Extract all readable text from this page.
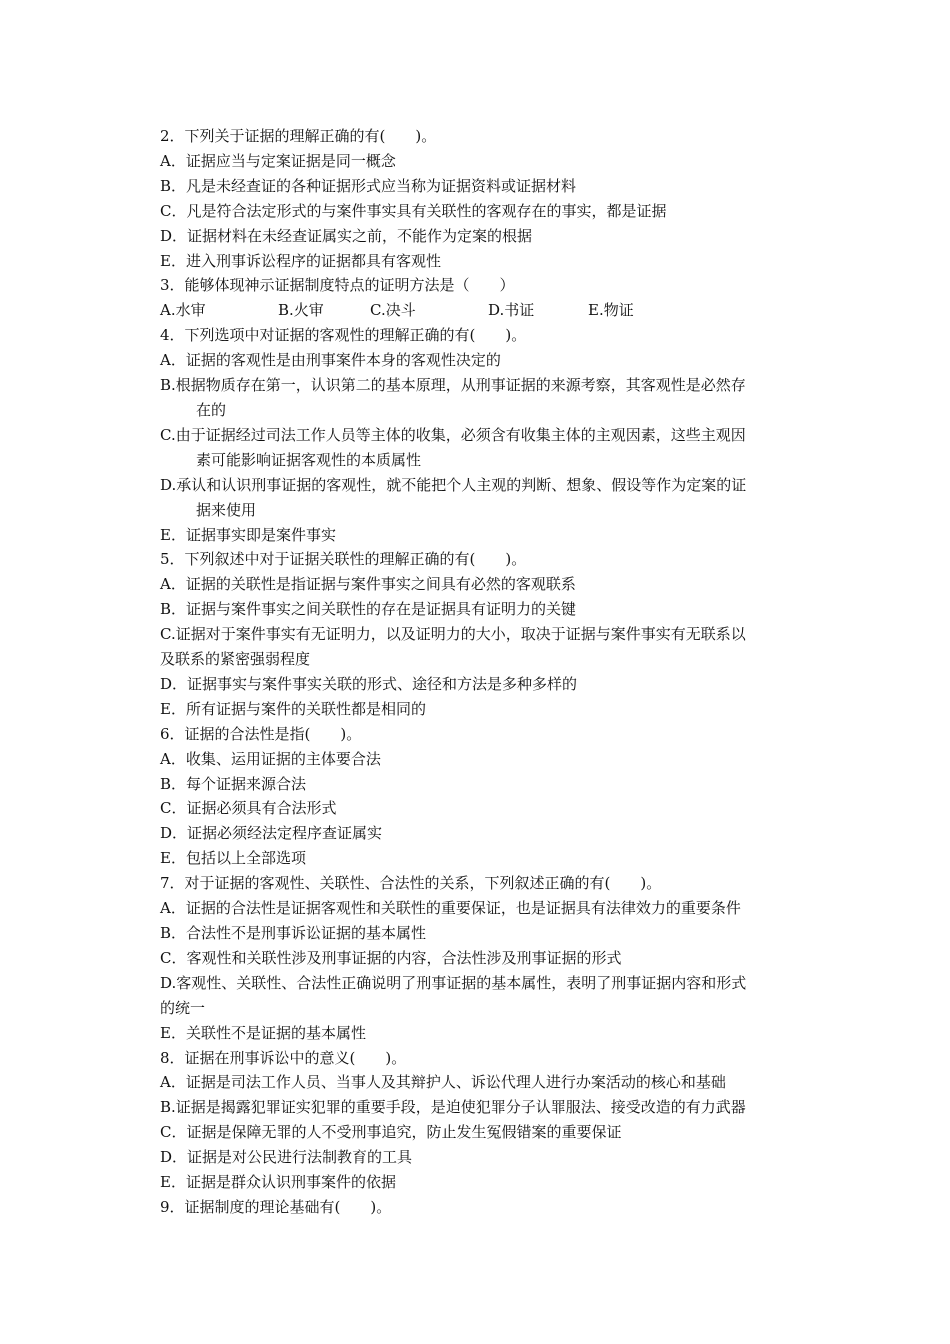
2．下列关于证据的理解正确的有(　　)。
A．证据应当与定案证据是同一概念
B．凡是未经查证的各种证据形式应当称为证据资料或证据材料
C．凡是符合法定形式的与案件事实具有关联性的客观存在的事实，都是证据
D．证据材料在未经查证属实之前，不能作为定案的根据
E．进入刑事诉讼程序的证据都具有客观性
3．能够体现神示证据制度特点的证明方法是（　　）
A.水审	B.火审	C.决斗	D.书证	E.物证
4．下列选项中对证据的客观性的理解正确的有(　　)。
A．证据的客观性是由刑事案件本身的客观性决定的
B.根据物质存在第一，认识第二的基本原理，从刑事证据的来源考察，其客观性是必然存
在的
C.由于证据经过司法工作人员等主体的收集，必须含有收集主体的主观因素，这些主观因
素可能影响证据客观性的本质属性
D.承认和认识刑事证据的客观性，就不能把个人主观的判断、想象、假设等作为定案的证
据来使用
E．证据事实即是案件事实
5．下列叙述中对于证据关联性的理解正确的有(　　)。
A．证据的关联性是指证据与案件事实之间具有必然的客观联系
B．证据与案件事实之间关联性的存在是证据具有证明力的关键
C.证据对于案件事实有无证明力，以及证明力的大小，取决于证据与案件事实有无联系以
及联系的紧密强弱程度
D．证据事实与案件事实关联的形式、途径和方法是多种多样的
E．所有证据与案件的关联性都是相同的
6．证据的合法性是指(　　)。
A．收集、运用证据的主体要合法
B．每个证据来源合法
C．证据必须具有合法形式
D．证据必须经法定程序查证属实
E．包括以上全部选项
7．对于证据的客观性、关联性、合法性的关系，下列叙述正确的有(　　)。
A．证据的合法性是证据客观性和关联性的重要保证，也是证据具有法律效力的重要条件
B．合法性不是刑事诉讼证据的基本属性
C．客观性和关联性涉及刑事证据的内容，合法性涉及刑事证据的形式
D.客观性、关联性、合法性正确说明了刑事证据的基本属性，表明了刑事证据内容和形式
的统一
E．关联性不是证据的基本属性
8．证据在刑事诉讼中的意义(　　)。
A．证据是司法工作人员、当事人及其辩护人、诉讼代理人进行办案活动的核心和基础
B.证据是揭露犯罪证实犯罪的重要手段，是迫使犯罪分子认罪服法、接受改造的有力武器
C．证据是保障无罪的人不受刑事追究，防止发生冤假错案的重要保证
D．证据是对公民进行法制教育的工具
E．证据是群众认识刑事案件的依据
9．证据制度的理论基础有(　　)。
